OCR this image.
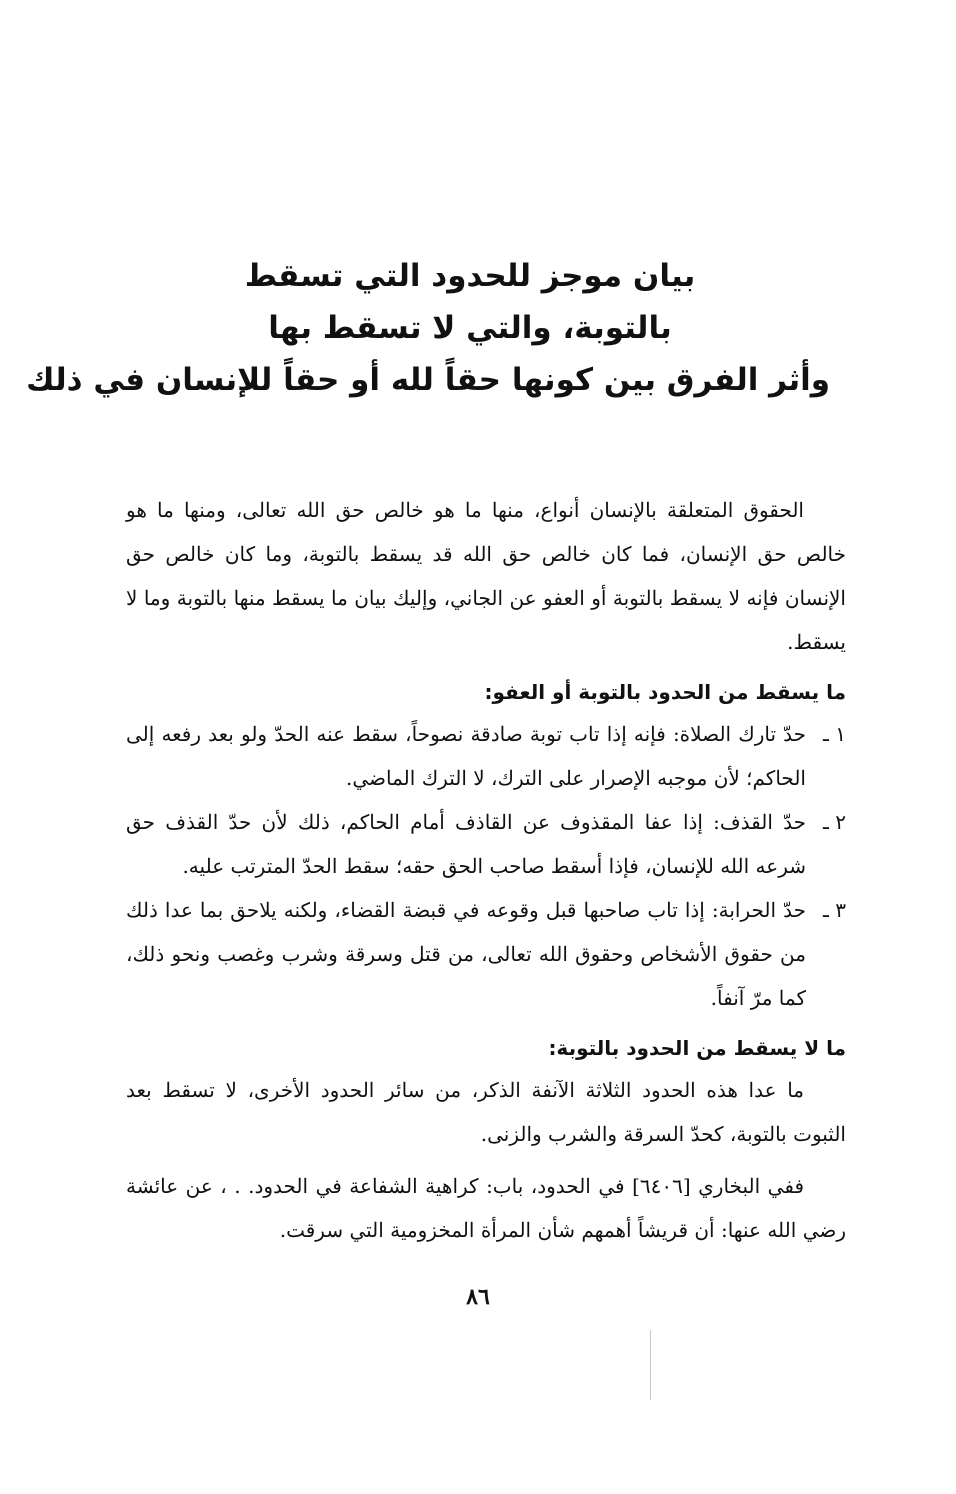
بيان موجز للحدود التي تسقط
بالتوبة، والتي لا تسقط بها
وأثر الفرق بين كونها حقاً لله أو حقاً للإنسان في ذلك

الحقوق المتعلقة بالإنسان أنواع، منها ما هو خالص حق الله تعالى، ومنها ما هو خالص حق الإنسان، فما كان خالص حق الله قد يسقط بالتوبة، وما كان خالص حق الإنسان فإنه لا يسقط بالتوبة أو العفو عن الجاني، وإليك بيان ما يسقط منها بالتوبة وما لا يسقط.

ما يسقط من الحدود بالتوبة أو العفو:
١ ـ
حدّ تارك الصلاة: فإنه إذا تاب توبة صادقة نصوحاً، سقط عنه الحدّ ولو بعد رفعه إلى الحاكم؛ لأن موجبه الإصرار على الترك، لا الترك الماضي.
٢ ـ
حدّ القذف: إذا عفا المقذوف عن القاذف أمام الحاكم، ذلك لأن حدّ القذف حق شرعه الله للإنسان، فإذا أسقط صاحب الحق حقه؛ سقط الحدّ المترتب عليه.
٣ ـ
حدّ الحرابة: إذا تاب صاحبها قبل وقوعه في قبضة القضاء، ولكنه يلاحق بما عدا ذلك من حقوق الأشخاص وحقوق الله تعالى، من قتل وسرقة وشرب وغصب ونحو ذلك، كما مرّ آنفاً.
ما لا يسقط من الحدود بالتوبة:

ما عدا هذه الحدود الثلاثة الآنفة الذكر، من سائر الحدود الأخرى، لا تسقط بعد الثبوت بالتوبة، كحدّ السرقة والشرب والزنى.

ففي البخاري [٦٤٠٦] في الحدود، باب: كراهية الشفاعة في الحدود. . ، عن عائشة رضي الله عنها: أن قريشاً أهمهم شأن المرأة المخزومية التي سرقت.

٨٦
